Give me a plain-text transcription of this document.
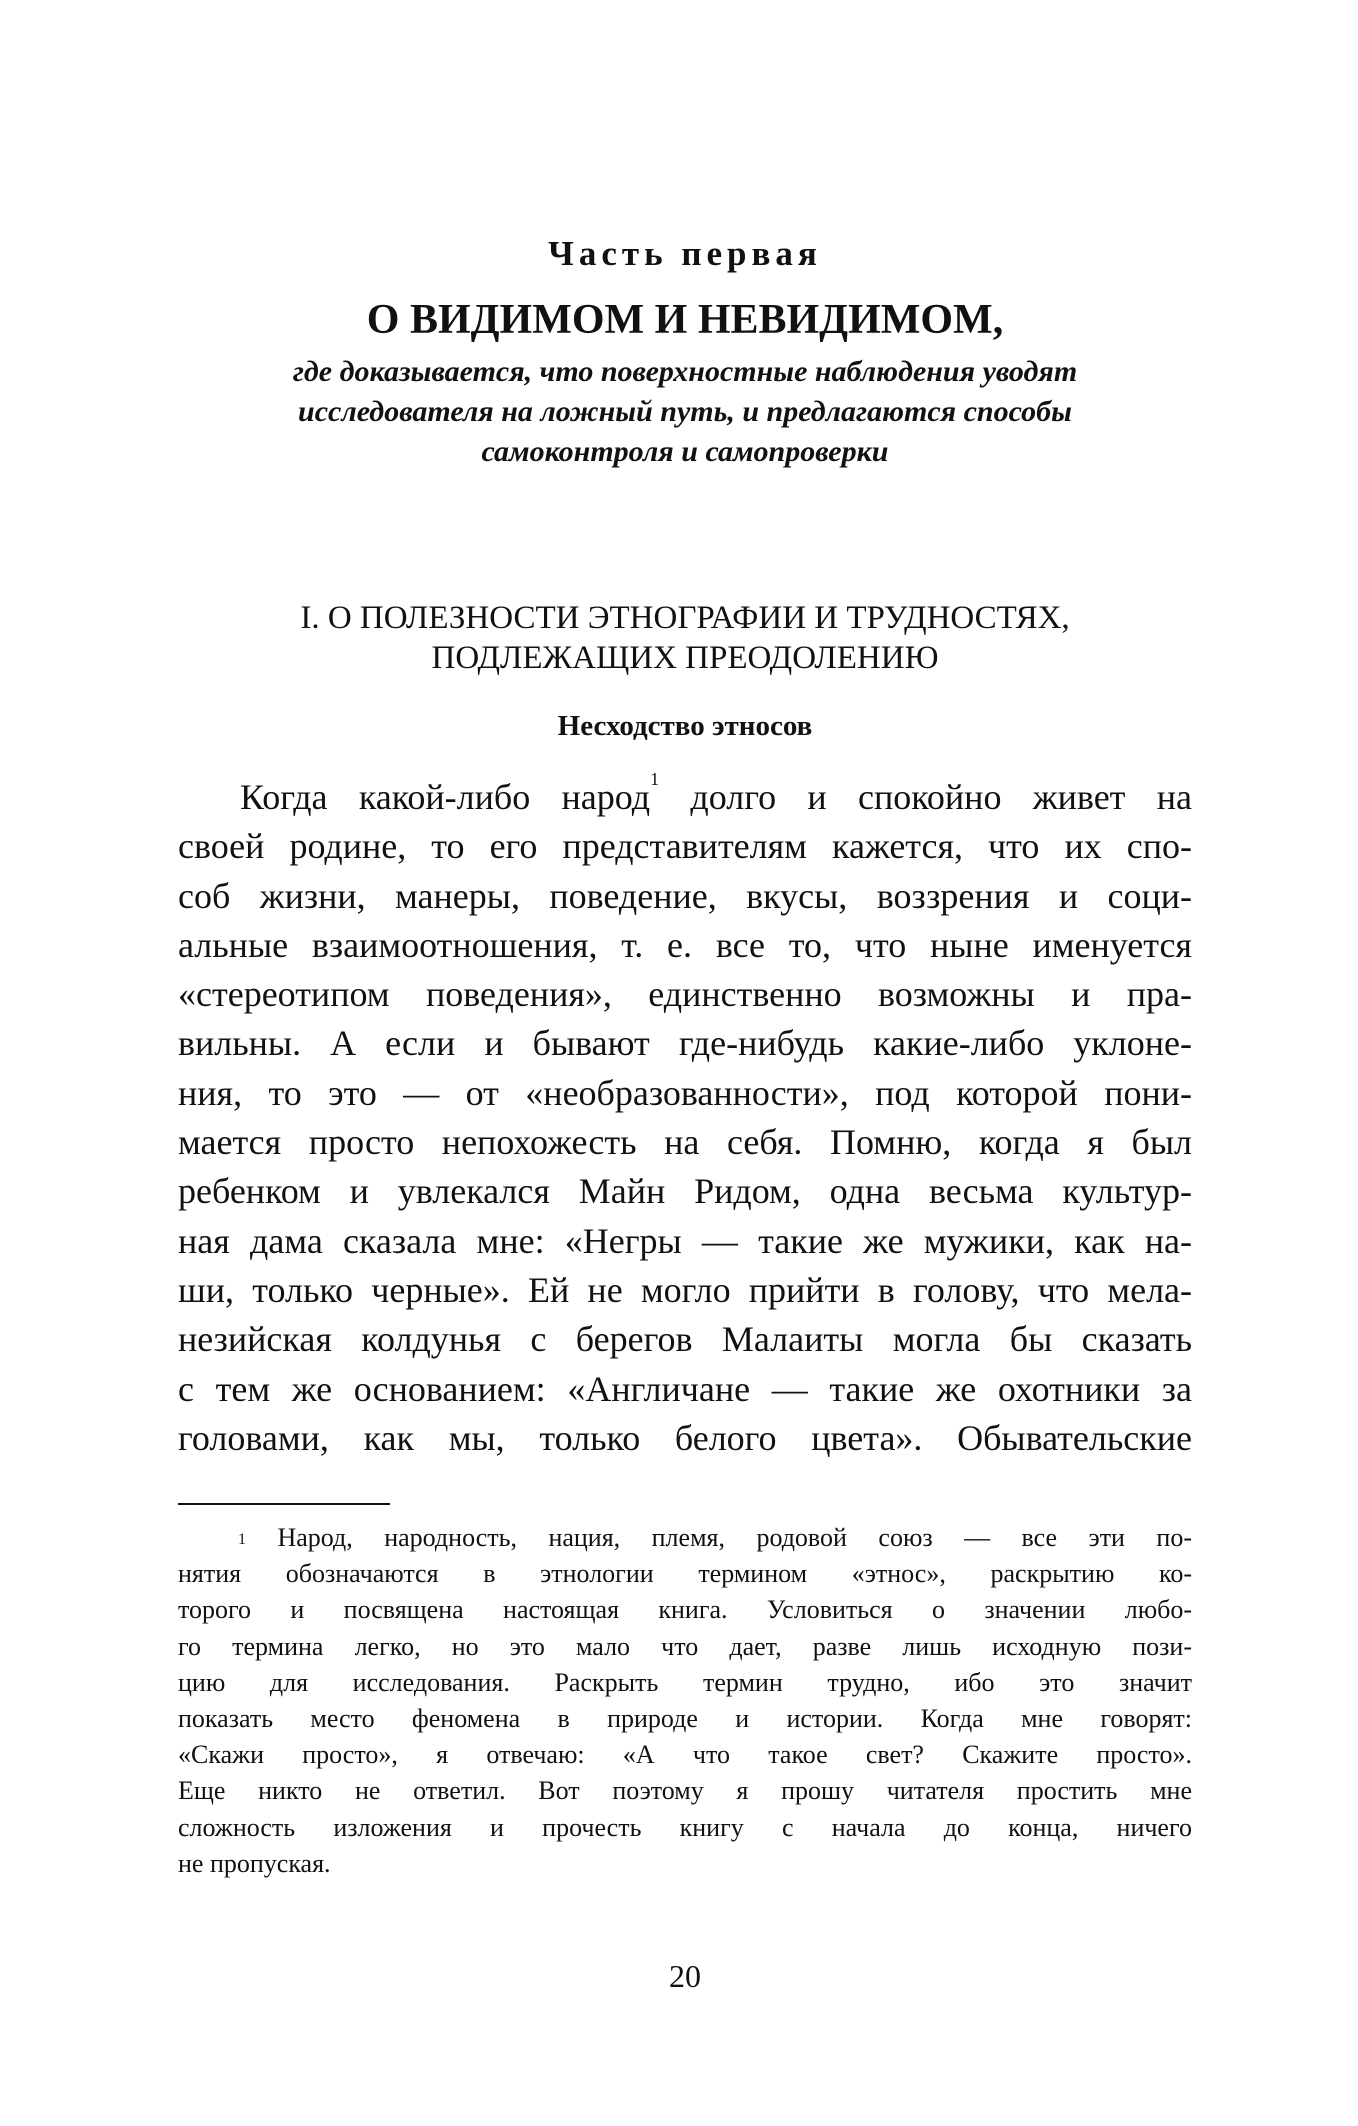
Часть первая
О ВИДИМОМ И НЕВИДИМОМ,
где доказывается, что поверхностные наблюдения уводят
исследователя на ложный путь, и предлагаются способы
самоконтроля и самопроверки
I. О ПОЛЕЗНОСТИ ЭТНОГРАФИИ И ТРУДНОСТЯХ,
ПОДЛЕЖАЩИХ ПРЕОДОЛЕНИЮ
Несходство этносов
Когда какой-либо народ$^1$ долго и спокойно живет на
своей родине, то его представителям кажется, что их спо-
соб жизни, манеры, поведение, вкусы, воззрения и соци-
альные взаимоотношения, т. е. все то, что ныне именуется
«стереотипом поведения», единственно возможны и пра-
вильны. А если и бывают где-нибудь какие-либо уклоне-
ния, то это — от «необразованности», под которой пони-
мается просто непохожесть на себя. Помню, когда я был
ребенком и увлекался Майн Ридом, одна весьма культур-
ная дама сказала мне: «Негры — такие же мужики, как на-
ши, только черные». Ей не могло прийти в голову, что мела-
незийская колдунья с берегов Малаиты могла бы сказать
с тем же основанием: «Англичане — такие же охотники за
головами, как мы, только белого цвета». Обывательские
$^1$ Народ, народность, нация, племя, родовой союз — все эти по-
нятия обозначаются в этнологии термином «этнос», раскрытию ко-
торого и посвящена настоящая книга. Условиться о значении любо-
го термина легко, но это мало что дает, разве лишь исходную пози-
цию для исследования. Раскрыть термин трудно, ибо это значит
показать место феномена в природе и истории. Когда мне говорят:
«Скажи просто», я отвечаю: «А что такое свет? Скажите просто».
Еще никто не ответил. Вот поэтому я прошу читателя простить мне
сложность изложения и прочесть книгу с начала до конца, ничего
не пропуская.
20
